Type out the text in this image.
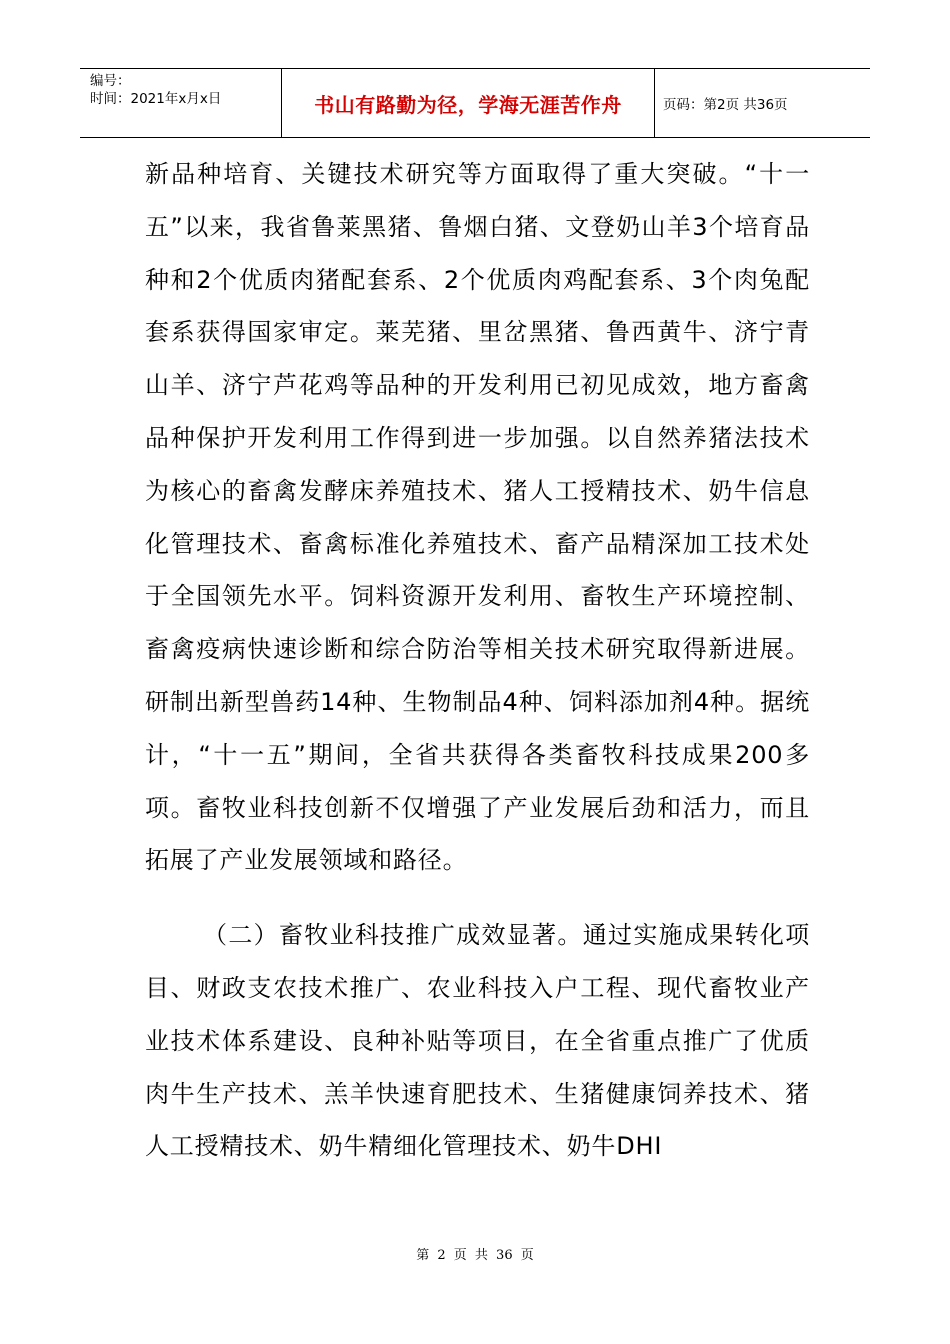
编号：
时间：2021年x月x日	书山有路勤为径，学海无涯苦作舟	页码：第2页 共36页

新品种培育、关键技术研究等方面取得了重大突破。“十一五”以来，我省鲁莱黑猪、鲁烟白猪、文登奶山羊3个培育品种和2个优质肉猪配套系、2个优质肉鸡配套系、3个肉兔配套系获得国家审定。莱芜猪、里岔黑猪、鲁西黄牛、济宁青山羊、济宁芦花鸡等品种的开发利用已初见成效，地方畜禽品种保护开发利用工作得到进一步加强。以自然养猪法技术为核心的畜禽发酵床养殖技术、猪人工授精技术、奶牛信息化管理技术、畜禽标准化养殖技术、畜产品精深加工技术处于全国领先水平。饲料资源开发利用、畜牧生产环境控制、畜禽疫病快速诊断和综合防治等相关技术研究取得新进展。研制出新型兽药14种、生物制品4种、饲料添加剂4种。据统计，“十一五”期间，全省共获得各类畜牧科技成果200多项。畜牧业科技创新不仅增强了产业发展后劲和活力，而且拓展了产业发展领域和路径。

（二）畜牧业科技推广成效显著。通过实施成果转化项目、财政支农技术推广、农业科技入户工程、现代畜牧业产业技术体系建设、良种补贴等项目，在全省重点推广了优质肉牛生产技术、羔羊快速育肥技术、生猪健康饲养技术、猪人工授精技术、奶牛精细化管理技术、奶牛DHI

第 2 页 共 36 页
